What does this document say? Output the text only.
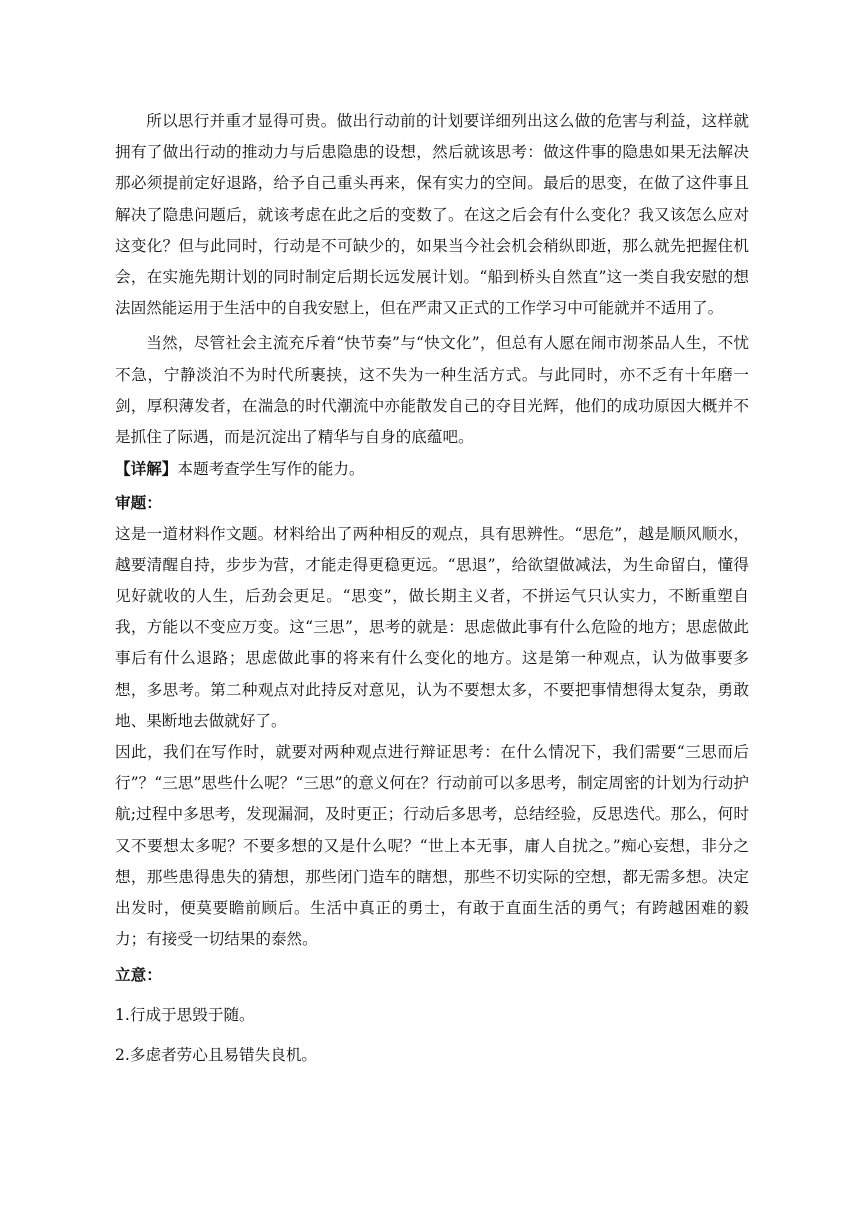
所以思行并重才显得可贵。做出行动前的计划要详细列出这么做的危害与利益，这样就拥有了做出行动的推动力与后患隐患的设想，然后就该思考：做这件事的隐患如果无法解决那必须提前定好退路，给予自己重头再来，保有实力的空间。最后的思变，在做了这件事且解决了隐患问题后，就该考虑在此之后的变数了。在这之后会有什么变化？我又该怎么应对这变化？但与此同时，行动是不可缺少的，如果当今社会机会稍纵即逝，那么就先把握住机会，在实施先期计划的同时制定后期长远发展计划。“船到桥头自然直”这一类自我安慰的想法固然能运用于生活中的自我安慰上，但在严肃又正式的工作学习中可能就并不适用了。

当然，尽管社会主流充斥着“快节奏”与“快文化”，但总有人愿在闹市沏茶品人生，不忧不急，宁静淡泊不为时代所裹挟，这不失为一种生活方式。与此同时，亦不乏有十年磨一剑，厚积薄发者，在湍急的时代潮流中亦能散发自己的夺目光辉，他们的成功原因大概并不是抓住了际遇，而是沉淀出了精华与自身的底蕴吧。

【详解】本题考查学生写作的能力。

审题：

这是一道材料作文题。材料给出了两种相反的观点，具有思辨性。“思危”，越是顺风顺水，越要清醒自持，步步为营，才能走得更稳更远。“思退”，给欲望做减法，为生命留白，懂得见好就收的人生，后劲会更足。“思变”，做长期主义者，不拼运气只认实力，不断重塑自我，方能以不变应万变。这“三思”，思考的就是：思虑做此事有什么危险的地方；思虑做此事后有什么退路；思虑做此事的将来有什么变化的地方。这是第一种观点，认为做事要多想，多思考。第二种观点对此持反对意见，认为不要想太多，不要把事情想得太复杂，勇敢地、果断地去做就好了。

因此，我们在写作时，就要对两种观点进行辩证思考：在什么情况下，我们需要“三思而后行”？“三思”思些什么呢？“三思”的意义何在？行动前可以多思考，制定周密的计划为行动护航;过程中多思考，发现漏洞，及时更正；行动后多思考，总结经验，反思迭代。那么，何时又不要想太多呢？不要多想的又是什么呢？“世上本无事，庸人自扰之。”痴心妄想，非分之想，那些患得患失的猜想，那些闭门造车的瞎想，那些不切实际的空想，都无需多想。决定出发时，便莫要瞻前顾后。生活中真正的勇士，有敢于直面生活的勇气；有跨越困难的毅力；有接受一切结果的泰然。

立意：

1.行成于思毁于随。

2.多虑者劳心且易错失良机。
